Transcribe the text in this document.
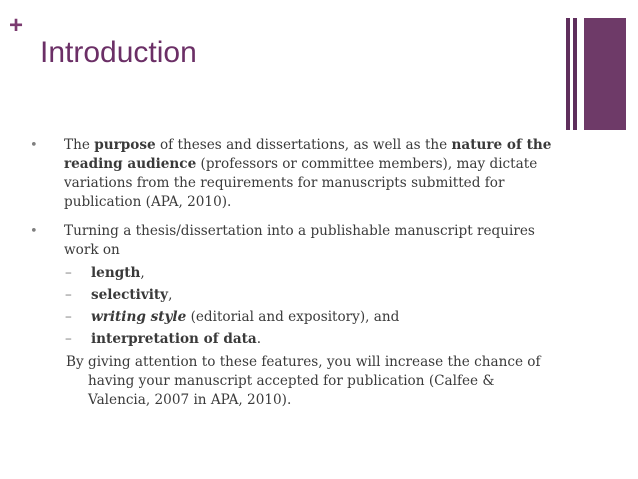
+
Introduction
•	The purpose of theses and dissertations, as well as the nature of the reading audience (professors or committee members), may dictate variations from the requirements for manuscripts submitted for publication (APA, 2010).
•	Turning a thesis/dissertation into a publishable manuscript requires work on
–	length,
–	selectivity,
–	writing style (editorial and expository), and
–	interpretation of data.
By giving attention to these features, you will increase the chance of having your manuscript accepted for publication (Calfee & Valencia, 2007 in APA, 2010).
